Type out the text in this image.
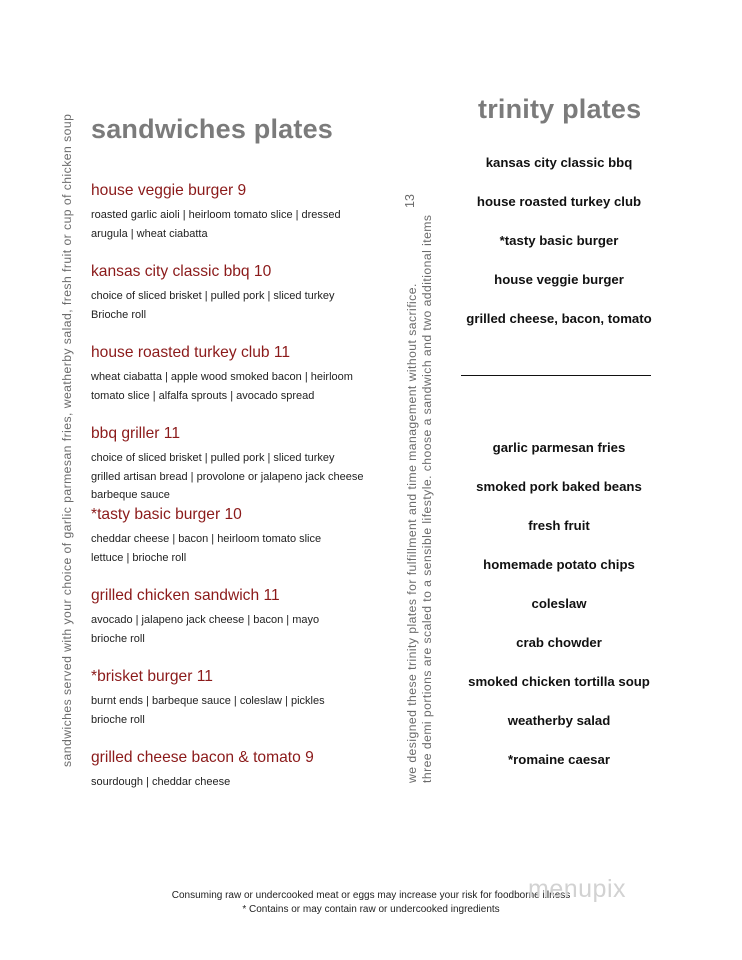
sandwiches served with your choice of garlic parmesan fries, weatherby salad, fresh fruit or cup of chicken soup	we designed these trinity plates for fulfillment and time management without sacrifice. three demi portions are scaled to a sensible lifestyle. choose a sandwich and two additional items
13
sandwiches plates
house veggie burger 9
roasted garlic aioli | heirloom tomato slice | dressed
arugula | wheat ciabatta
kansas city classic bbq 10
choice of sliced brisket | pulled pork | sliced turkey
Brioche roll
house roasted turkey club 11
wheat ciabatta | apple wood smoked bacon | heirloom
tomato slice | alfalfa sprouts | avocado spread
bbq griller 11
choice of sliced brisket | pulled pork | sliced turkey
grilled artisan bread | provolone or jalapeno jack cheese
barbeque sauce
*tasty basic burger 10
cheddar cheese | bacon | heirloom tomato slice
lettuce | brioche roll
grilled chicken sandwich 11
avocado | jalapeno jack cheese | bacon | mayo
brioche roll
*brisket burger 11
burnt ends | barbeque sauce | coleslaw | pickles
brioche roll
grilled cheese bacon & tomato 9
sourdough | cheddar cheese
trinity plates
kansas city classic bbq
house roasted turkey club
*tasty basic burger
house veggie burger
grilled cheese, bacon, tomato
garlic parmesan fries
smoked pork baked beans
fresh fruit
homemade potato chips
coleslaw
crab chowder
smoked chicken tortilla soup
weatherby salad
*romaine caesar
Consuming raw or undercooked meat or eggs may increase your risk for foodborne illness
* Contains or may contain raw or undercooked ingredients
menupix
